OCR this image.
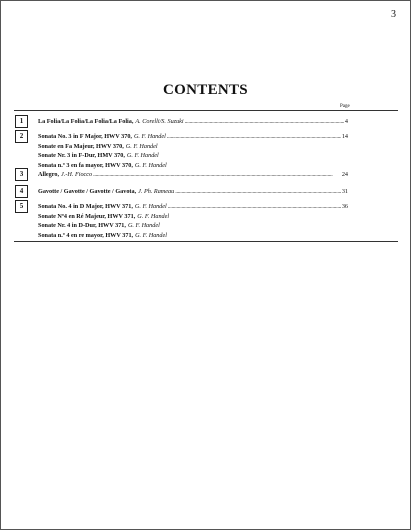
3
CONTENTS
Page
1	La Folia/La Folia/La Folia/La Folia, A. Corelli/S. Suzuki .....	4
2	Sonata No. 3 in F Major, HWV 370, G. F. Handel .....	14
Sonate en Fa Majeur, HWV 370, G. F. Handel
Sonate Nr. 3 in F-Dur, HMV 370, G. F. Handel
Sonata n.º 3 en fa mayor, HWV 370, G. F. Handel
3	Allegro, J.-H. Fiocco .....	24
4	Gavotte / Gavotte / Gavotte / Gavota, J. Ph. Rameau .....	31
5	Sonata No. 4 in D Major, HWV 371, G. F. Handel .....	36
Sonate Nº4 en Ré Majeur, HWV 371, G. F. Handel
Sonate Nr. 4 in D-Dur, HWV 371, G. F. Handel
Sonata n.º 4 en re mayor, HWV 371, G. F. Handel
